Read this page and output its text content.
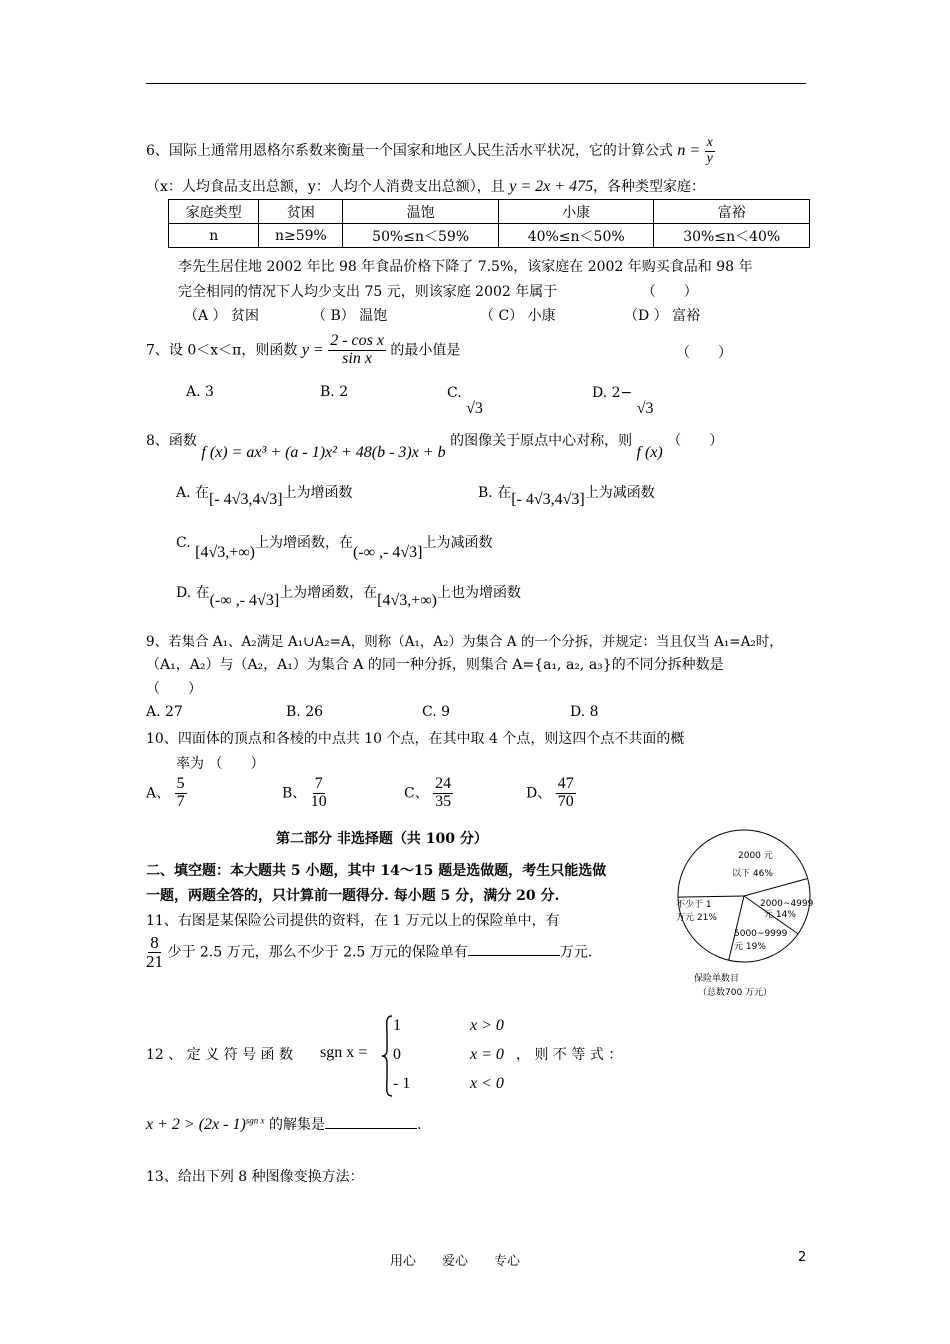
6、国际上通常用恩格尔系数来衡量一个国家和地区人民生活水平状况，它的计算公式 $n = \frac{x}{y}$
（x：人均食品支出总额，y：人均个人消费支出总额），且 y = 2x + 475，各种类型家庭：
家庭类型	贫困	温饱	小康	富裕
n	n≥59%	50%≤n＜59%	40%≤n＜50%	30%≤n＜40%
李先生居住地 2002 年比 98 年食品价格下降了 7.5%，该家庭在 2002 年购买食品和 98 年
完全相同的情况下人均少支出 75 元，则该家庭 2002 年属于	（　　）
（A ） 贫困	（ B） 温饱	（ C） 小康	（D ） 富裕
7、设 0＜x＜π，则函数 $y = \frac{\text{2 - cos x}}{\text{sin x}}$ 的最小值是	（　　）
A. 3	B. 2	C. √3
D. 2− √3
8、函数 f (x) = ax³ + (a - 1)x² + 48(b - 3)x + b 的图像关于原点中心对称，则 f (x) （　　）
A. 在[- 4√3,4√3]上为增函数	B. 在[- 4√3,4√3]上为减函数
C. [4√3,+∞)上为增函数，在(-∞ ,- 4√3]上为减函数
D. 在(-∞ ,- 4√3]上为增函数，在[4√3,+∞)上也为增函数
9、若集合 A₁、A₂满足 A₁∪A₂=A，则称（A₁，A₂）为集合 A 的一个分拆，并规定：当且仅当 A₁=A₂时，
（A₁，A₂）与（A₂，A₁）为集合 A 的同一种分拆，则集合 A={a₁, a₂, a₃}的不同分拆种数是
（　　）
A. 27	B. 26	C. 9	D. 8
10、四面体的顶点和各棱的中点共 10 个点，在其中取 4 个点，则这四个点不共面的概
率为 （　　）
A、 $\frac{5}{7}$	B、 $\frac{7}{10}$	C、 $\frac{24}{35}$	D、 $\frac{47}{70}$
第二部分 非选择题（共 100 分）
二、填空题：本大题共 5 小题，其中 14～15 题是选做题，考生只能选做
一题，两题全答的，只计算前一题得分. 每小题 5 分，满分 20 分.
11、右图是某保险公司提供的资料，在 1 万元以上的保险单中，有
$\frac{8}{21}$ 少于 2.5 万元，那么不少于 2.5 万元的保险单有	万元.
2000 元
以下 46%
2000~4999
元 14%
5000~9999
元 19%
不少于 1
万元 21%
保险单数目
（总数700 万元）
12 、 定 义 符 号 函 数 sgn x =
1	x > 0
0	x = 0
- 1	x < 0
， 则 不 等 式 ：
x + 2 > (2x - 1)$^{sgn x}$ 的解集是	.
13、给出下列 8 种图像变换方法：
用心　　爱心　　专心	2
